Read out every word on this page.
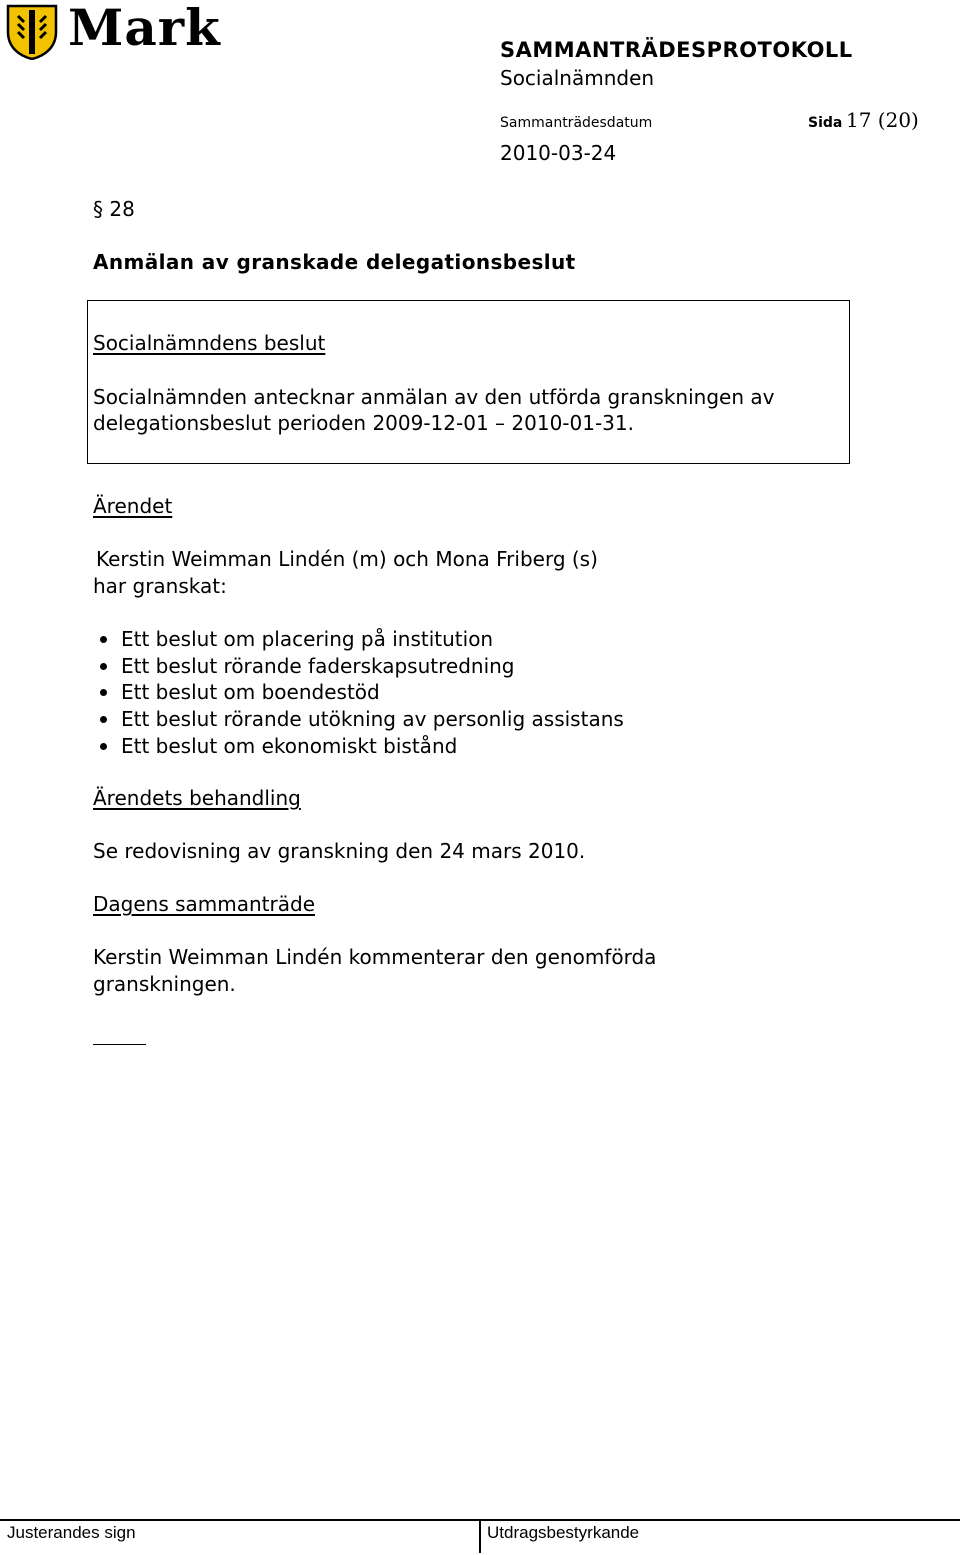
Mark	SAMMANTRÄDESPROTOKOLL
Socialnämnden
Sammanträdesdatum	Sida 17 (20)
2010-03-24
§ 28
Anmälan av granskade delegationsbeslut
Socialnämndens beslut
Socialnämnden antecknar anmälan av den utförda granskningen av
delegationsbeslut perioden 2009-12-01 – 2010-01-31.
Ärendet
Kerstin Weimman Lindén (m) och Mona Friberg (s)
har granskat:
Ett beslut om placering på institution
Ett beslut rörande faderskapsutredning
Ett beslut om boendestöd
Ett beslut rörande utökning av personlig assistans
Ett beslut om ekonomiskt bistånd
Ärendets behandling
Se redovisning av granskning den 24 mars 2010.
Dagens sammanträde
Kerstin Weimman Lindén kommenterar den genomförda
granskningen.
Justerandes sign	Utdragsbestyrkande
